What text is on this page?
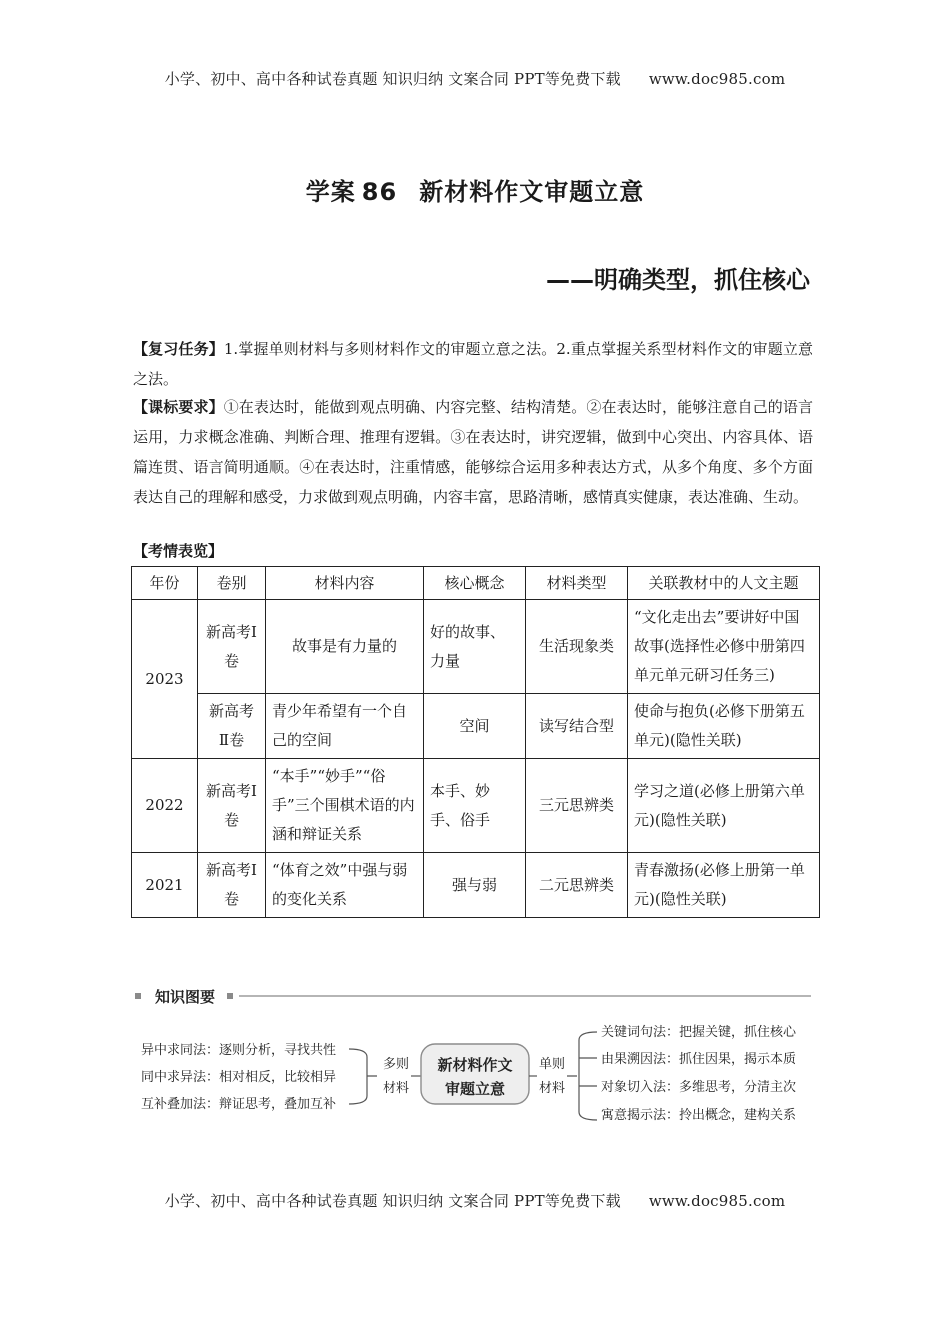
小学、初中、高中各种试卷真题 知识归纳 文案合同 PPT等免费下载 www.doc985.com
学案 86 新材料作文审题立意
——明确类型，抓住核心
【复习任务】1.掌握单则材料与多则材料作文的审题立意之法。2.重点掌握关系型材料作文的审题立意之法。
【课标要求】①在表达时，能做到观点明确、内容完整、结构清楚。②在表达时，能够注意自己的语言运用，力求概念准确、判断合理、推理有逻辑。③在表达时，讲究逻辑，做到中心突出、内容具体、语篇连贯、语言简明通顺。④在表达时，注重情感，能够综合运用多种表达方式，从多个角度、多个方面表达自己的理解和感受，力求做到观点明确，内容丰富，思路清晰，感情真实健康，表达准确、生动。
【考情表览】
年份	卷别	材料内容	核心概念	材料类型	关联教材中的人文主题
2023	新高考Ⅰ卷	故事是有力量的	好的故事、力量	生活现象类	“文化走出去”要讲好中国故事(选择性必修中册第四单元单元研习任务三)
	新高考Ⅱ卷	青少年希望有一个自己的空间	空间	读写结合型	使命与抱负(必修下册第五单元)(隐性关联)
2022	新高考Ⅰ卷	“本手”“妙手”“俗手”三个围棋术语的内涵和辩证关系	本手、妙手、俗手	三元思辨类	学习之道(必修上册第六单元)(隐性关联)
2021	新高考Ⅰ卷	“体育之效”中强与弱的变化关系	强与弱	二元思辨类	青春激扬(必修上册第一单元)(隐性关联)
知识图要
异中求同法：逐则分析，寻找共性
同中求异法：相对相反，比较相异
互补叠加法：辩证思考，叠加互补
多则
材料
新材料作文
审题立意
单则
材料
关键词句法：把握关键，抓住核心
由果溯因法：抓住因果，揭示本质
对象切入法：多维思考，分清主次
寓意揭示法：拎出概念，建构关系
小学、初中、高中各种试卷真题 知识归纳 文案合同 PPT等免费下载 www.doc985.com
